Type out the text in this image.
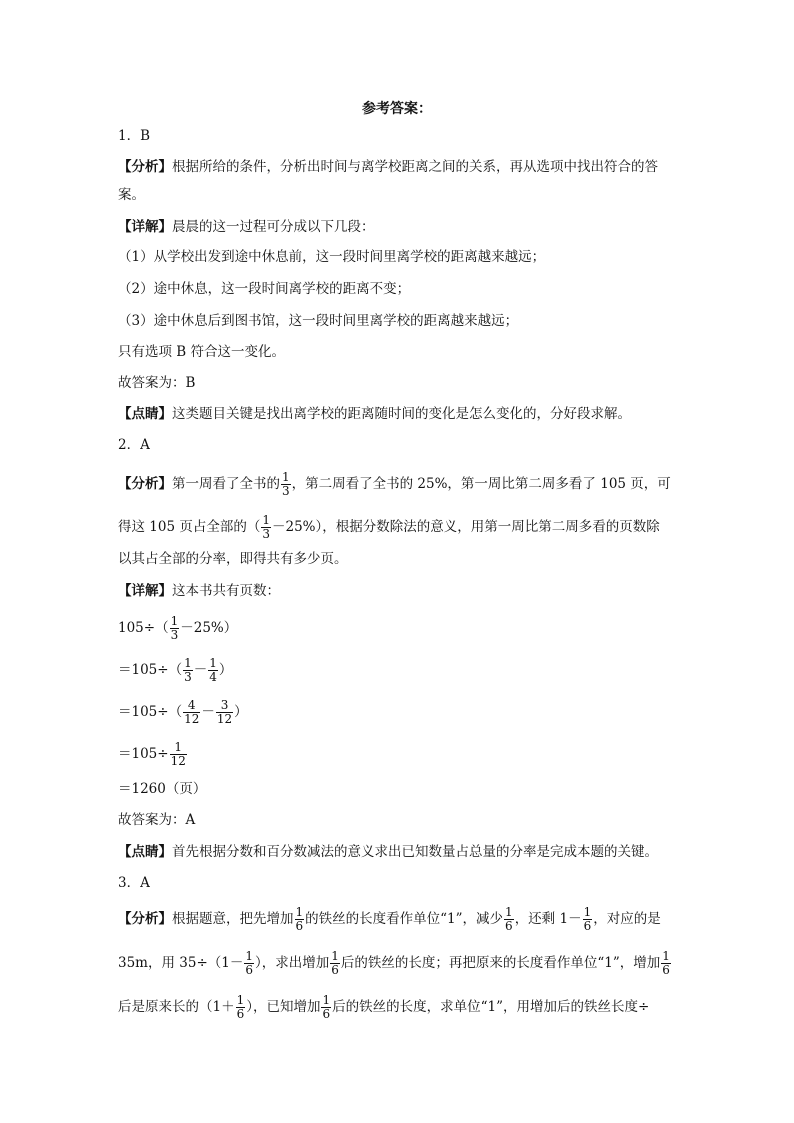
参考答案：
1．B
【分析】根据所给的条件，分析出时间与离学校距离之间的关系，再从选项中找出符合的答
案。
【详解】晨晨的这一过程可分成以下几段：
（1）从学校出发到途中休息前，这一段时间里离学校的距离越来越远；
（2）途中休息，这一段时间离学校的距离不变；
（3）途中休息后到图书馆，这一段时间里离学校的距离越来越远；
只有选项 B 符合这一变化。
故答案为：B
【点睛】这类题目关键是找出离学校的距离随时间的变化是怎么变化的，分好段求解。
2．A
【分析】第一周看了全书的 $\frac{1}{3}$ ，第二周看了全书的 25%，第一周比第二周多看了 105 页，可
得这 105 页占全部的（ $\frac{1}{3} -25\%$），根据分数除法的意义，用第一周比第二周多看的页数除
以其占全部的分率，即得共有多少页。
【详解】这本书共有页数：
$105\div( \frac{1}{3} -25\%)$
$=105\div( \frac{1}{3} - \frac{1}{4}$ ）
$=105\div( \frac{4}{12} - \frac{3}{12}$ ）
$=105\div \frac{1}{12}$
＝1260（页）
故答案为：A
【点睛】首先根据分数和百分数减法的意义求出已知数量占总量的分率是完成本题的关键。
3．A
【分析】根据题意，把先增加 $\frac{1}{6}$ 的铁丝的长度看作单位“1”，减少 $\frac{1}{6}$ ，还剩 $1- \frac{1}{6}$ ，对应的是
35m，用 $35\div(1- \frac{1}{6}$ ），求出增加 $\frac{1}{6}$ 后的铁丝的长度；再把原来的长度看作单位“1”，增加 $\frac{1}{6}$
后是原来长的（$1+ \frac{1}{6}$ ），已知增加 $\frac{1}{6}$ 后的铁丝的长度，求单位“1”，用增加后的铁丝长度÷
